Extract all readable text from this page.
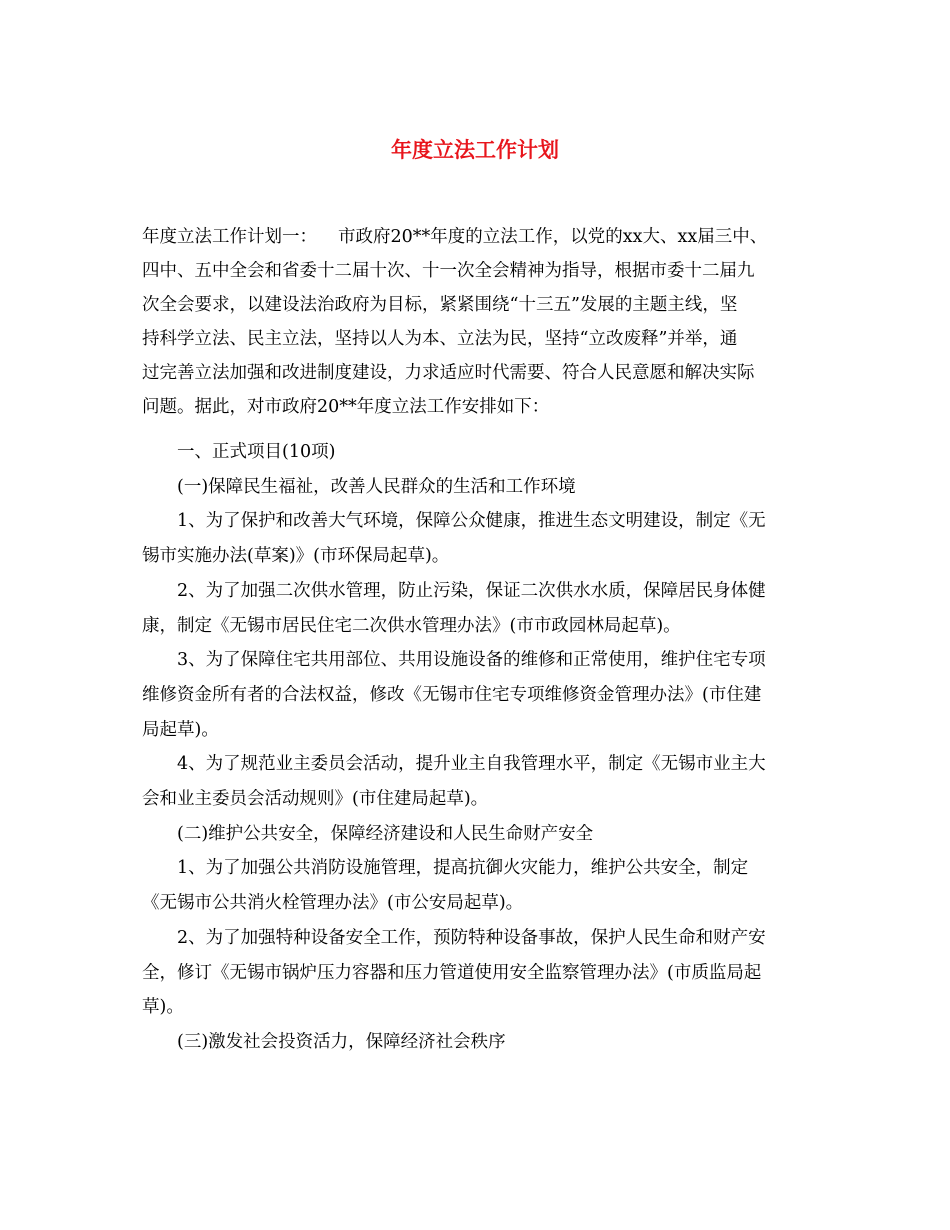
年度立法工作计划
年度立法工作计划一： 市政府20**年度的立法工作，以党的xx大、xx届三中、
四中、五中全会和省委十二届十次、十一次全会精神为指导，根据市委十二届九
次全会要求，以建设法治政府为目标，紧紧围绕“十三五”发展的主题主线，坚
持科学立法、民主立法，坚持以人为本、立法为民，坚持“立改废释”并举，通
过完善立法加强和改进制度建设，力求适应时代需要、符合人民意愿和解决实际
问题。据此，对市政府20**年度立法工作安排如下：
一、正式项目(10项)
(一)保障民生福祉，改善人民群众的生活和工作环境
1、为了保护和改善大气环境，保障公众健康，推进生态文明建设，制定《无
锡市实施办法(草案)》(市环保局起草)。
2、为了加强二次供水管理，防止污染，保证二次供水水质，保障居民身体健
康，制定《无锡市居民住宅二次供水管理办法》(市市政园林局起草)。
3、为了保障住宅共用部位、共用设施设备的维修和正常使用，维护住宅专项
维修资金所有者的合法权益，修改《无锡市住宅专项维修资金管理办法》(市住建
局起草)。
4、为了规范业主委员会活动，提升业主自我管理水平，制定《无锡市业主大
会和业主委员会活动规则》(市住建局起草)。
(二)维护公共安全，保障经济建设和人民生命财产安全
1、为了加强公共消防设施管理，提高抗御火灾能力，维护公共安全，制定
《无锡市公共消火栓管理办法》(市公安局起草)。
2、为了加强特种设备安全工作，预防特种设备事故，保护人民生命和财产安
全，修订《无锡市锅炉压力容器和压力管道使用安全监察管理办法》(市质监局起
草)。
(三)激发社会投资活力，保障经济社会秩序
